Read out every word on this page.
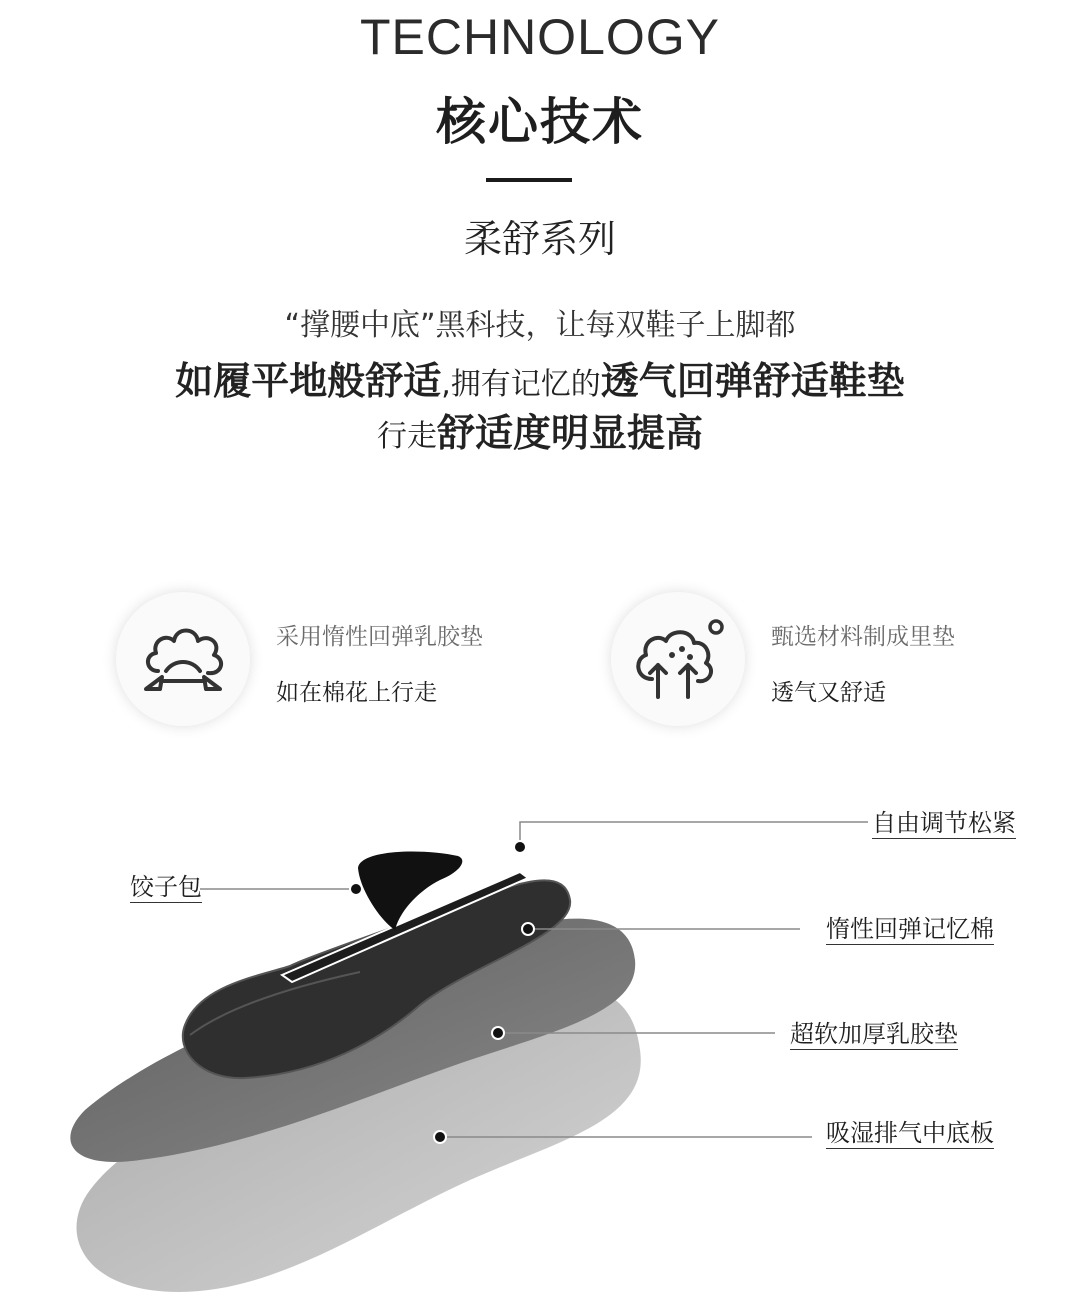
TECHNOLOGY
核心技术
柔舒系列
“撑腰中底”黑科技，让每双鞋子上脚都
如履平地般舒适,拥有记忆的透气回弹舒适鞋垫
行走舒适度明显提高
采用惰性回弹乳胶垫
如在棉花上行走
甄选材料制成里垫
透气又舒适
饺子包
自由调节松紧
惰性回弹记忆棉
超软加厚乳胶垫
吸湿排气中底板
